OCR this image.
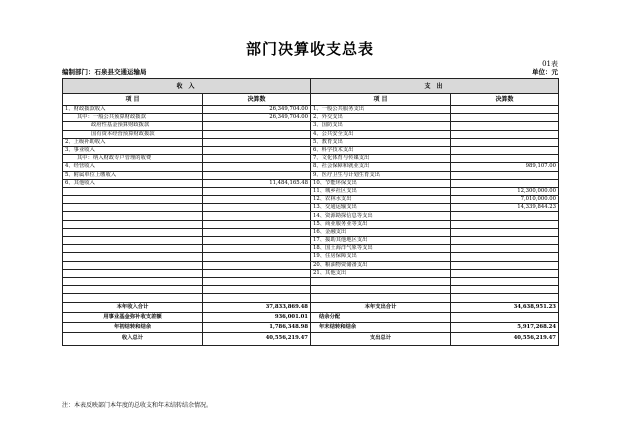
部门决算收支总表
01表
编制部门：石泉县交通运输局	单位：元
收 入		支 出	
项 目	决算数	项 目	决算数
1、财政拨款收入	26,349,704.00	1、一般公共服务支出	
其中：一般公共预算财政拨款	26,349,704.00	2、外交支出	
政府性基金预算财政拨款		3、国防支出	
国有资本经营预算财政拨款		4、公共安全支出	
2、上级补助收入		5、教育支出	
3、事业收入		6、科学技术支出	
其中：纳入财政专户管理的收费		7、文化体育与传媒支出	
4、经营收入		8、社会保障和就业支出	989,107.00
5、附属单位上缴收入		9、医疗卫生与计划生育支出	
6、其他收入	11,484,165.48	10、节能环保支出	
		11、城乡社区支出	12,300,000.00
		12、农林水支出	7,010,000.00
		13、交通运输支出	14,339,844.23
		14、资源勘探信息等支出	
		15、商业服务业等支出	
		16、金融支出	
		17、援助其他地区支出	
		18、国土海洋气象等支出	
		19、住房保障支出	
		20、粮油物资储备支出	
		21、其他支出	

本年收入合计	37,833,869.48	本年支出合计	34,638,951.23
用事业基金弥补收支差额	936,001.01	结余分配	
年初结转和结余	1,786,348.98	年末结转和结余	5,917,268.24
收入总计	40,556,219.47	支出总计	40,556,219.47
注：本表反映部门本年度的总收支和年末结转结余情况。
